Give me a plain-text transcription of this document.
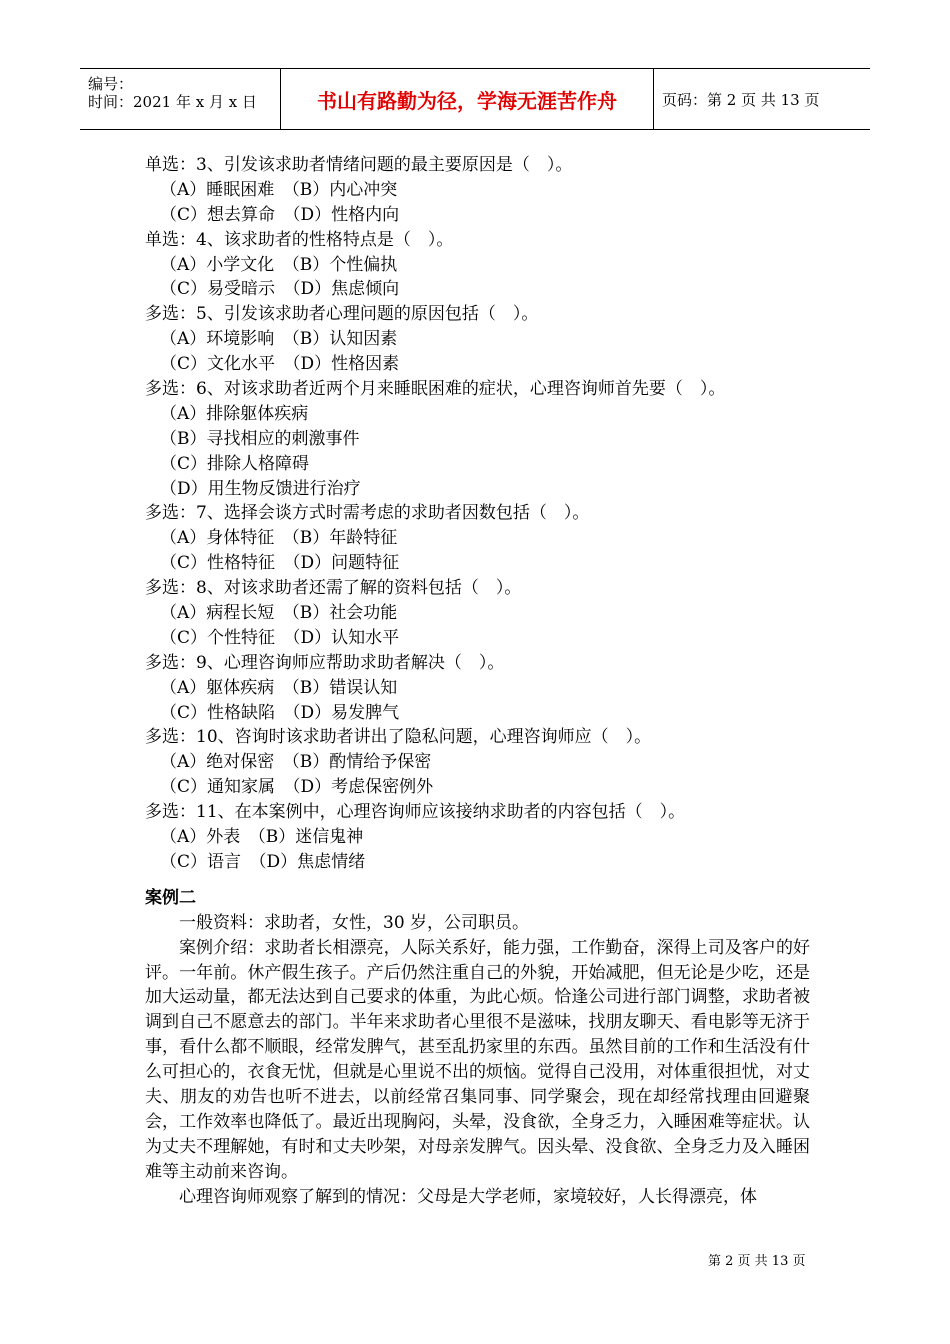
编号：
时间：2021 年 x 月 x 日	书山有路勤为径，学海无涯苦作舟	页码：第 2 页 共 13 页
单选：3、引发该求助者情绪问题的最主要原因是（　）。
（A）睡眠困难　（B）内心冲突
（C）想去算命　（D）性格内向
单选：4、该求助者的性格特点是（　）。
（A）小学文化　（B）个性偏执
（C）易受暗示　（D）焦虑倾向
多选：5、引发该求助者心理问题的原因包括（　）。
（A）环境影响　（B）认知因素
（C）文化水平　（D）性格因素
多选：6、对该求助者近两个月来睡眠困难的症状，心理咨询师首先要（　）。
（A）排除躯体疾病
（B）寻找相应的刺激事件
（C）排除人格障碍
（D）用生物反馈进行治疗
多选：7、选择会谈方式时需考虑的求助者因数包括（　）。
（A）身体特征　（B）年龄特征
（C）性格特征　（D）问题特征
多选：8、对该求助者还需了解的资料包括（　）。
（A）病程长短　（B）社会功能
（C）个性特征　（D）认知水平
多选：9、心理咨询师应帮助求助者解决（　）。
（A）躯体疾病　（B）错误认知
（C）性格缺陷　（D）易发脾气
多选：10、咨询时该求助者讲出了隐私问题，心理咨询师应（　）。
（A）绝对保密　（B）酌情给予保密
（C）通知家属　（D）考虑保密例外
多选：11、在本案例中，心理咨询师应该接纳求助者的内容包括（　）。
（A）外表　（B）迷信鬼神
（C）语言　（D）焦虑情绪
案例二
一般资料：求助者，女性，30 岁，公司职员。
案例介绍：求助者长相漂亮，人际关系好，能力强，工作勤奋，深得上司及客户的好评。一年前。休产假生孩子。产后仍然注重自己的外貌，开始减肥，但无论是少吃，还是加大运动量，都无法达到自己要求的体重，为此心烦。恰逢公司进行部门调整，求助者被调到自己不愿意去的部门。半年来求助者心里很不是滋味，找朋友聊天、看电影等无济于事，看什么都不顺眼，经常发脾气，甚至乱扔家里的东西。虽然目前的工作和生活没有什么可担心的，衣食无忧，但就是心里说不出的烦恼。觉得自己没用，对体重很担忧，对丈夫、朋友的劝告也听不进去，以前经常召集同事、同学聚会，现在却经常找理由回避聚会，工作效率也降低了。最近出现胸闷，头晕，没食欲，全身乏力，入睡困难等症状。认为丈夫不理解她，有时和丈夫吵架，对母亲发脾气。因头晕、没食欲、全身乏力及入睡困难等主动前来咨询。
心理咨询师观察了解到的情况：父母是大学老师，家境较好，人长得漂亮，体
第 2 页 共 13 页
